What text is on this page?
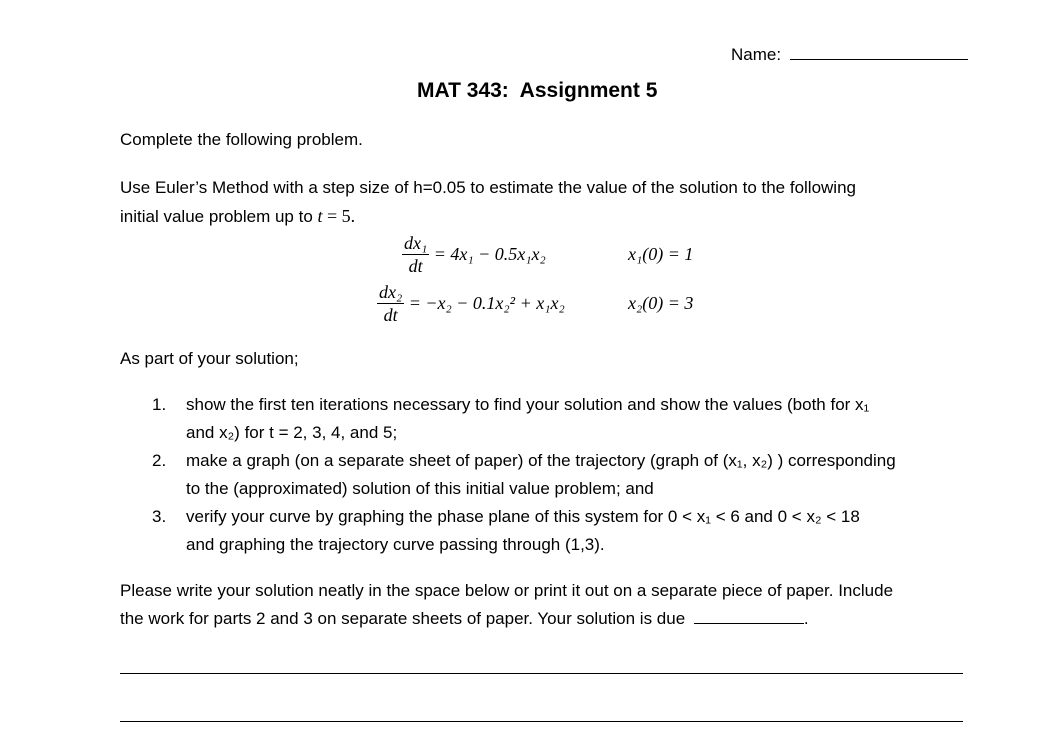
Name:
MAT 343:  Assignment 5
Complete the following problem.
Use Euler’s Method with a step size of h=0.05 to estimate the value of the solution to the following
initial value problem up to t = 5.
$\frac{\text{dx₁}}{dt} = 4x_1 - 0.5x_1x_2$	x₁(0) = 1
$\frac{\text{dx₂}}{dt} = -x_2 - 0.1x_2^2 + x_1x_2$	x₂(0) = 3
As part of your solution;
1. show the first ten iterations necessary to find your solution and show the values (both for x₁
and x₂) for t = 2, 3, 4, and 5;
2. make a graph (on a separate sheet of paper) of the trajectory (graph of (x₁, x₂) ) corresponding
to the (approximated) solution of this initial value problem; and
3. verify your curve by graphing the phase plane of this system for 0 < x₁ < 6 and 0 < x₂ < 18
and graphing the trajectory curve passing through (1,3).
Please write your solution neatly in the space below or print it out on a separate piece of paper. Include
the work for parts 2 and 3 on separate sheets of paper. Your solution is due	.
